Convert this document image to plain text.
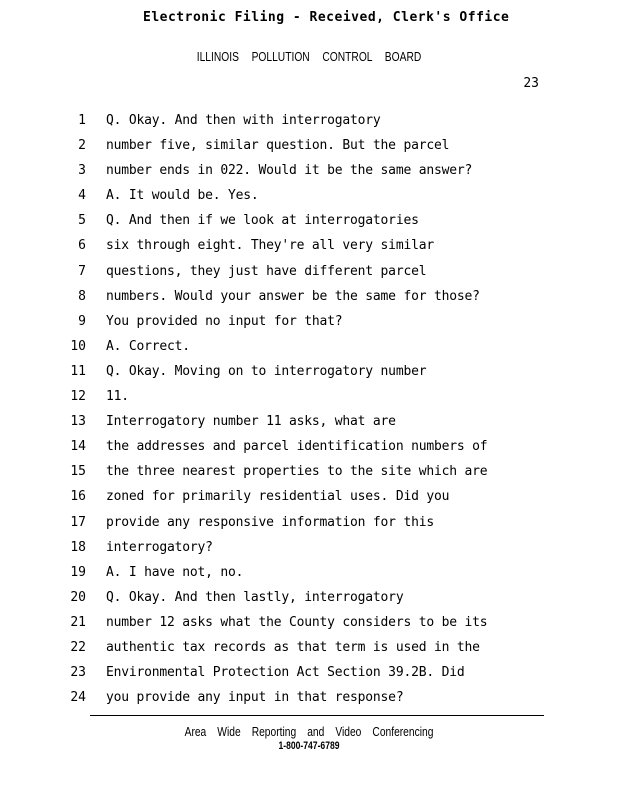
Electronic Filing - Received, Clerk's Office
ILLINOIS POLLUTION CONTROL BOARD
23
1 Q. Okay. And then with interrogatory
2 number five, similar question. But the parcel
3 number ends in 022. Would it be the same answer?
4 A. It would be. Yes.
5 Q. And then if we look at interrogatories
6 six through eight. They're all very similar
7 questions, they just have different parcel
8 numbers. Would your answer be the same for those?
9 You provided no input for that?
10 A. Correct.
11 Q. Okay. Moving on to interrogatory number
12 11.
13 Interrogatory number 11 asks, what are
14 the addresses and parcel identification numbers of
15 the three nearest properties to the site which are
16 zoned for primarily residential uses. Did you
17 provide any responsive information for this
18 interrogatory?
19 A. I have not, no.
20 Q. Okay. And then lastly, interrogatory
21 number 12 asks what the County considers to be its
22 authentic tax records as that term is used in the
23 Environmental Protection Act Section 39.2B. Did
24 you provide any input in that response?
Area Wide Reporting and Video Conferencing
1-800-747-6789
